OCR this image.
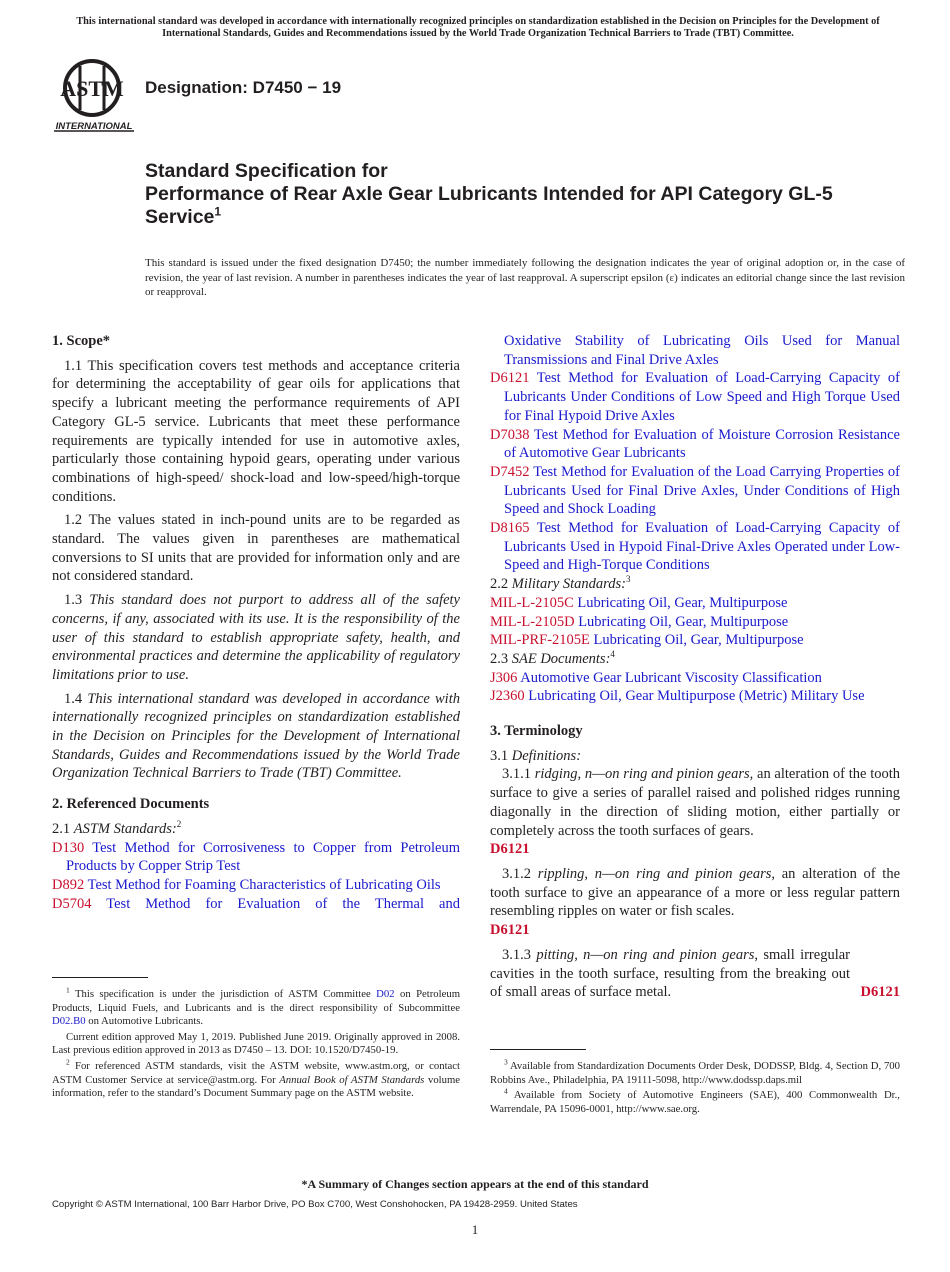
This international standard was developed in accordance with internationally recognized principles on standardization established in the Decision on Principles for the Development of International Standards, Guides and Recommendations issued by the World Trade Organization Technical Barriers to Trade (TBT) Committee.
ASTM
INTERNATIONAL
Designation: D7450 − 19
Standard Specification for
Performance of Rear Axle Gear Lubricants Intended for API Category GL-5 Service$^1$
This standard is issued under the fixed designation D7450; the number immediately following the designation indicates the year of original adoption or, in the case of revision, the year of last revision. A number in parentheses indicates the year of last reapproval. A superscript epsilon (ε) indicates an editorial change since the last revision or reapproval.
1. Scope*

1.1 This specification covers test methods and acceptance criteria for determining the acceptability of gear oils for applications that specify a lubricant meeting the performance requirements of API Category GL-5 service. Lubricants that meet these performance requirements are typically intended for use in automotive axles, particularly those containing hypoid gears, operating under various combinations of high-speed/ shock-load and low-speed/high-torque conditions.

1.2 The values stated in inch-pound units are to be regarded as standard. The values given in parentheses are mathematical conversions to SI units that are provided for information only and are not considered standard.

1.3 This standard does not purport to address all of the safety concerns, if any, associated with its use. It is the responsibility of the user of this standard to establish appropriate safety, health, and environmental practices and determine the applicability of regulatory limitations prior to use.

1.4 This international standard was developed in accordance with internationally recognized principles on standardization established in the Decision on Principles for the Development of International Standards, Guides and Recommendations issued by the World Trade Organization Technical Barriers to Trade (TBT) Committee.

2. Referenced Documents

2.1 ASTM Standards:$^2$

D130 Test Method for Corrosiveness to Copper from Petroleum Products by Copper Strip Test

D892 Test Method for Foaming Characteristics of Lubricating Oils

D5704 Test Method for Evaluation of the Thermal and

Oxidative Stability of Lubricating Oils Used for Manual Transmissions and Final Drive Axles

D6121 Test Method for Evaluation of Load-Carrying Capacity of Lubricants Under Conditions of Low Speed and High Torque Used for Final Hypoid Drive Axles

D7038 Test Method for Evaluation of Moisture Corrosion Resistance of Automotive Gear Lubricants

D7452 Test Method for Evaluation of the Load Carrying Properties of Lubricants Used for Final Drive Axles, Under Conditions of High Speed and Shock Loading

D8165 Test Method for Evaluation of Load-Carrying Capacity of Lubricants Used in Hypoid Final-Drive Axles Operated under Low-Speed and High-Torque Conditions

2.2 Military Standards:$^3$

MIL-L-2105C Lubricating Oil, Gear, Multipurpose

MIL-L-2105D Lubricating Oil, Gear, Multipurpose

MIL-PRF-2105E Lubricating Oil, Gear, Multipurpose

2.3 SAE Documents:$^4$

J306 Automotive Gear Lubricant Viscosity Classification

J2360 Lubricating Oil, Gear Multipurpose (Metric) Military Use

3. Terminology

3.1 Definitions:

3.1.1 ridging, n—on ring and pinion gears, an alteration of the tooth surface to give a series of parallel raised and polished ridges running diagonally in the direction of sliding motion, either partially or completely across the tooth surfaces of gears.

D6121

3.1.2 rippling, n—on ring and pinion gears, an alteration of the tooth surface to give an appearance of a more or less regular pattern resembling ripples on water or fish scales.

D6121

3.1.3 pitting, n—on ring and pinion gears, small irregular cavities in the tooth surface, resulting from the breaking out of small areas of surface metal.	D6121

$^1$ This specification is under the jurisdiction of ASTM Committee D02 on Petroleum Products, Liquid Fuels, and Lubricants and is the direct responsibility of Subcommittee D02.B0 on Automotive Lubricants.

Current edition approved May 1, 2019. Published June 2019. Originally approved in 2008. Last previous edition approved in 2013 as D7450 – 13. DOI: 10.1520/D7450-19.

$^2$ For referenced ASTM standards, visit the ASTM website, www.astm.org, or contact ASTM Customer Service at service@astm.org. For Annual Book of ASTM Standards volume information, refer to the standard’s Document Summary page on the ASTM website.

$^3$ Available from Standardization Documents Order Desk, DODSSP, Bldg. 4, Section D, 700 Robbins Ave., Philadelphia, PA 19111-5098, http://www.dodssp.daps.mil

$^4$ Available from Society of Automotive Engineers (SAE), 400 Commonwealth Dr., Warrendale, PA 15096-0001, http://www.sae.org.

*A Summary of Changes section appears at the end of this standard
Copyright © ASTM International, 100 Barr Harbor Drive, PO Box C700, West Conshohocken, PA 19428-2959. United States
1
